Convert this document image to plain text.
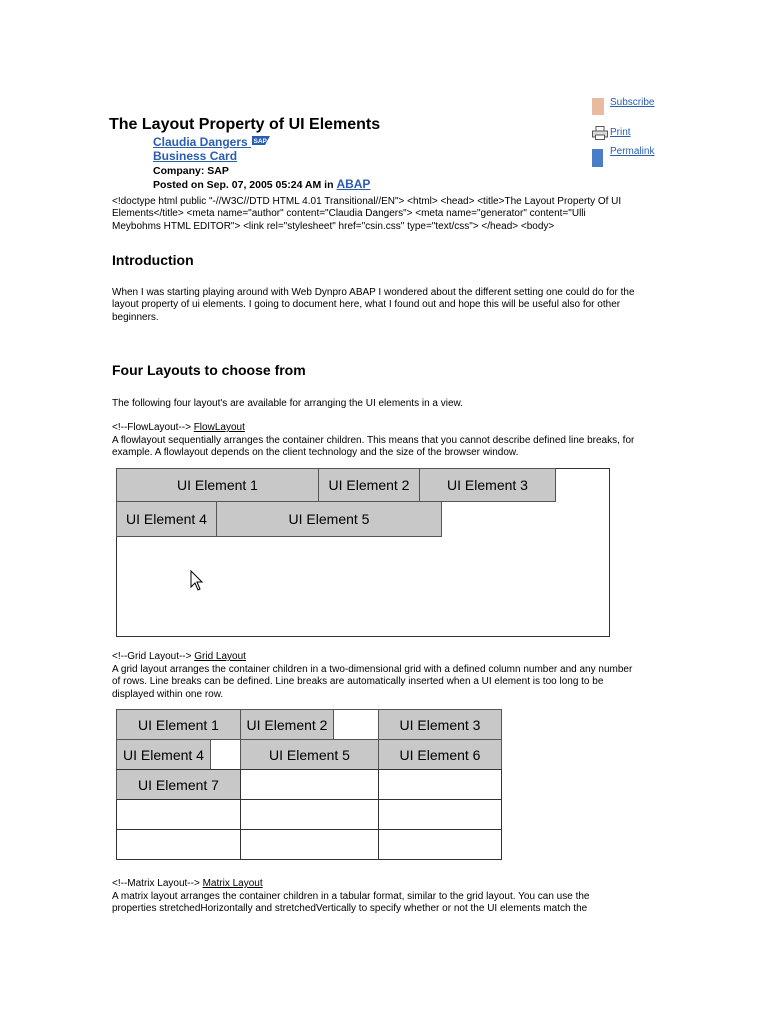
Subscribe
Print
Permalink
The Layout Property of UI Elements
Claudia Dangers SAP
Business Card
Company: SAP
Posted on Sep. 07, 2005 05:24 AM in ABAP
<!doctype html public "-//W3C//DTD HTML 4.01 Transitional//EN"> <html> <head> <title>The Layout Property Of UI Elements</title> <meta name="author" content="Claudia Dangers"> <meta name="generator" content="Ulli Meybohms HTML EDITOR"> <link rel="stylesheet" href="csin.css" type="text/css"> </head> <body>
Introduction
When I was starting playing around with Web Dynpro ABAP I wondered about the different setting one could do for the layout property of ui elements. I going to document here, what I found out and hope this will be useful also for other beginners.
Four Layouts to choose from
The following four layout's are available for arranging the UI elements in a view.
<!--FlowLayout--> FlowLayout
A flowlayout sequentially arranges the container children. This means that you cannot describe defined line breaks, for example. A flowlayout depends on the client technology and the size of the browser window.
UI Element 1	UI Element 2	UI Element 3
UI Element 4	UI Element 5
<!--Grid Layout--> Grid Layout
A grid layout arranges the container children in a two-dimensional grid with a defined column number and any number of rows. Line breaks can be defined. Line breaks are automatically inserted when a UI element is too long to be displayed within one row.
UI Element 1	UI Element 2	UI Element 3
UI Element 4	UI Element 5	UI Element 6
UI Element 7
<!--Matrix Layout--> Matrix Layout
A matrix layout arranges the container children in a tabular format, similar to the grid layout. You can use the properties stretchedHorizontally and stretchedVertically to specify whether or not the UI elements match the
